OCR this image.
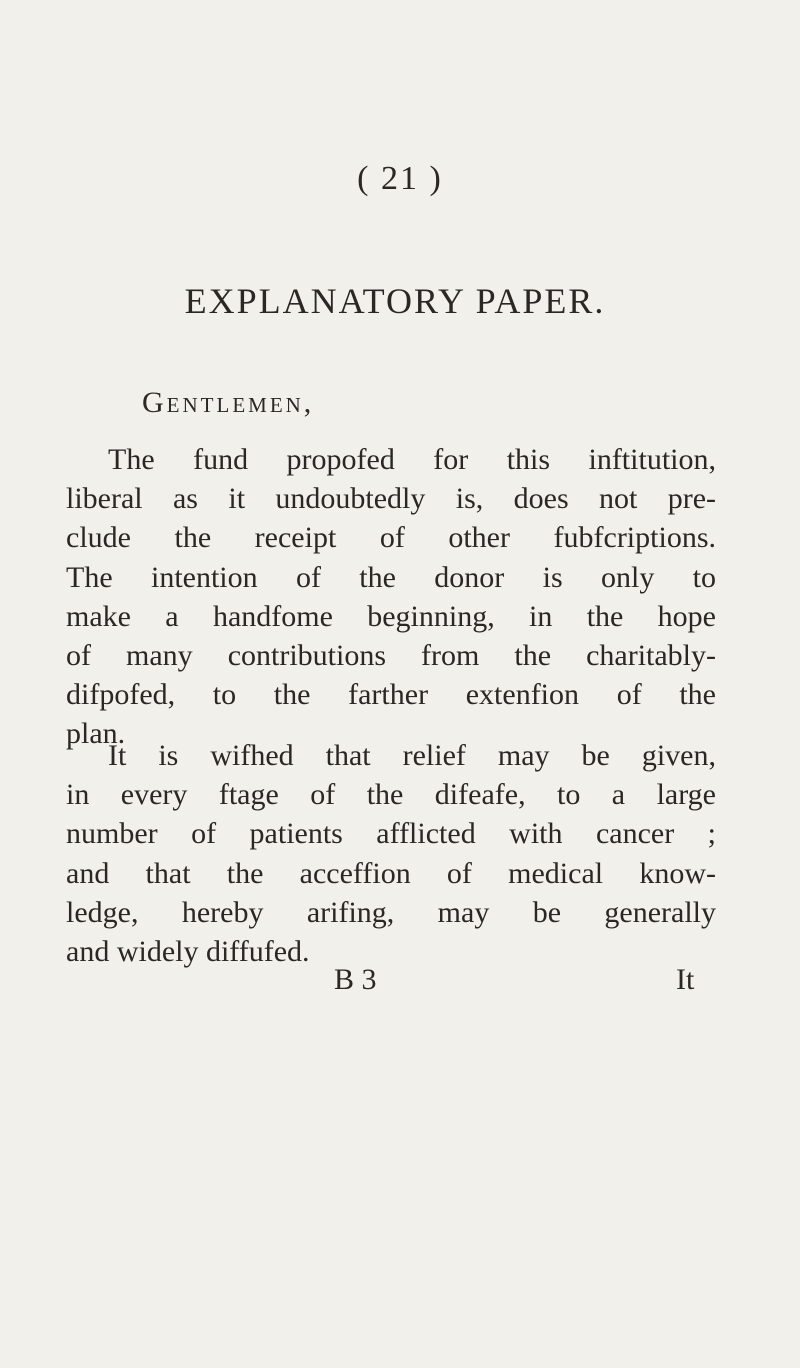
( 21 )
EXPLANATORY PAPER.
Gentlemen,
The fund propofed for this inftitution,
liberal as it undoubtedly is, does not pre-
clude the receipt of other fubfcriptions.
The intention of the donor is only to
make a handfome beginning, in the hope
of many contributions from the charitably-
difpofed, to the farther extenfion of the
plan.
It is wifhed that relief may be given,
in every ftage of the difeafe, to a large
number of patients afflicted with cancer ;
and that the acceffion of medical know-
ledge, hereby arifing, may be generally
and widely diffufed.
B 3	It
